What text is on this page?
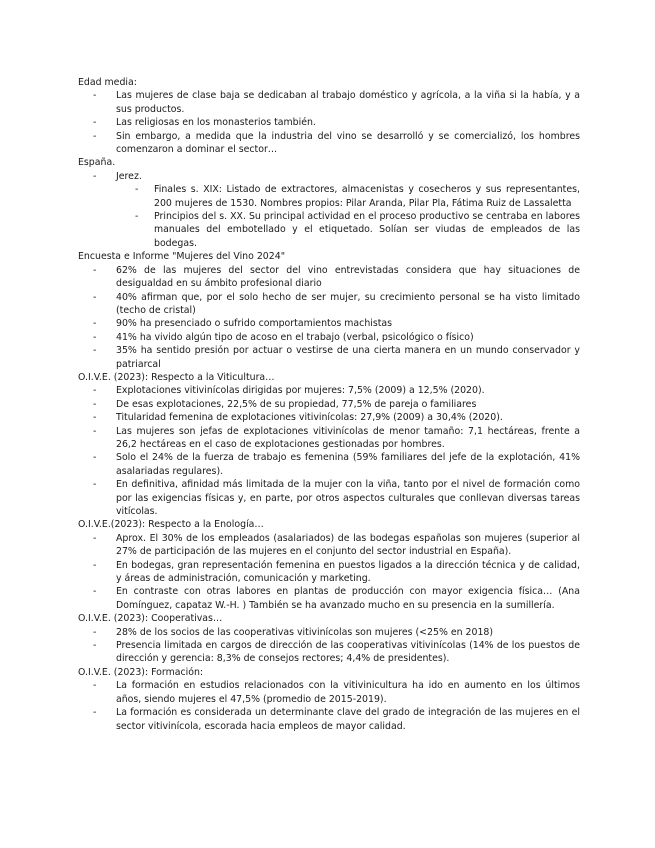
Edad media:

- Las mujeres de clase baja se dedicaban al trabajo doméstico y agrícola, a la viña si la había, y a sus productos.
- Las religiosas en los monasterios también.
- Sin embargo, a medida que la industria del vino se desarrolló y se comercializó, los hombres comenzaron a dominar el sector…

España.

- Jerez.
- Finales s. XIX: Listado de extractores, almacenistas y cosecheros y sus representantes, 200 mujeres de 1530. Nombres propios: Pilar Aranda, Pilar Pla, Fátima Ruiz de Lassaletta
- Principios del s. XX. Su principal actividad en el proceso productivo se centraba en labores manuales del embotellado y el etiquetado. Solían ser viudas de empleados de las bodegas.

Encuesta e Informe "Mujeres del Vino 2024"

- 62% de las mujeres del sector del vino entrevistadas considera que hay situaciones de desigualdad en su ámbito profesional diario
- 40% afirman que, por el solo hecho de ser mujer, su crecimiento personal se ha visto limitado (techo de cristal)
- 90% ha presenciado o sufrido comportamientos machistas
- 41% ha vivido algún tipo de acoso en el trabajo (verbal, psicológico o físico)
- 35% ha sentido presión por actuar o vestirse de una cierta manera en un mundo conservador y patriarcal

O.I.V.E. (2023): Respecto a la Viticultura…

- Explotaciones vitivinícolas dirigidas por mujeres: 7,5% (2009) a 12,5% (2020).
- De esas explotaciones, 22,5% de su propiedad, 77,5% de pareja o familiares
- Titularidad femenina de explotaciones vitivinícolas: 27,9% (2009) a 30,4% (2020).
- Las mujeres son jefas de explotaciones vitivinícolas de menor tamaño: 7,1 hectáreas, frente a 26,2 hectáreas en el caso de explotaciones gestionadas por hombres.
- Solo el 24% de la fuerza de trabajo es femenina (59% familiares del jefe de la explotación, 41% asalariadas regulares).
- En definitiva, afinidad más limitada de la mujer con la viña, tanto por el nivel de formación como por las exigencias físicas y, en parte, por otros aspectos culturales que conllevan diversas tareas vitícolas.

O.I.V.E.(2023): Respecto a la Enología…

- Aprox. El 30% de los empleados (asalariados) de las bodegas españolas son mujeres (superior al 27% de participación de las mujeres en el conjunto del sector industrial en España).
- En bodegas, gran representación femenina en puestos ligados a la dirección técnica y de calidad, y áreas de administración, comunicación y marketing.
- En contraste con otras labores en plantas de producción con mayor exigencia física… (Ana Domínguez, capataz W.-H. ) También se ha avanzado mucho en su presencia en la sumillería.

O.I.V.E. (2023): Cooperativas…

- 28% de los socios de las cooperativas vitivinícolas son mujeres (<25% en 2018)
- Presencia limitada en cargos de dirección de las cooperativas vitivinícolas (14% de los puestos de dirección y gerencia: 8,3% de consejos rectores; 4,4% de presidentes).

O.I.V.E. (2023): Formación:

- La formación en estudios relacionados con la vitivinicultura ha ido en aumento en los últimos años, siendo mujeres el 47,5% (promedio de 2015-2019).
- La formación es considerada un determinante clave del grado de integración de las mujeres en el sector vitivinícola, escorada hacia empleos de mayor calidad.
